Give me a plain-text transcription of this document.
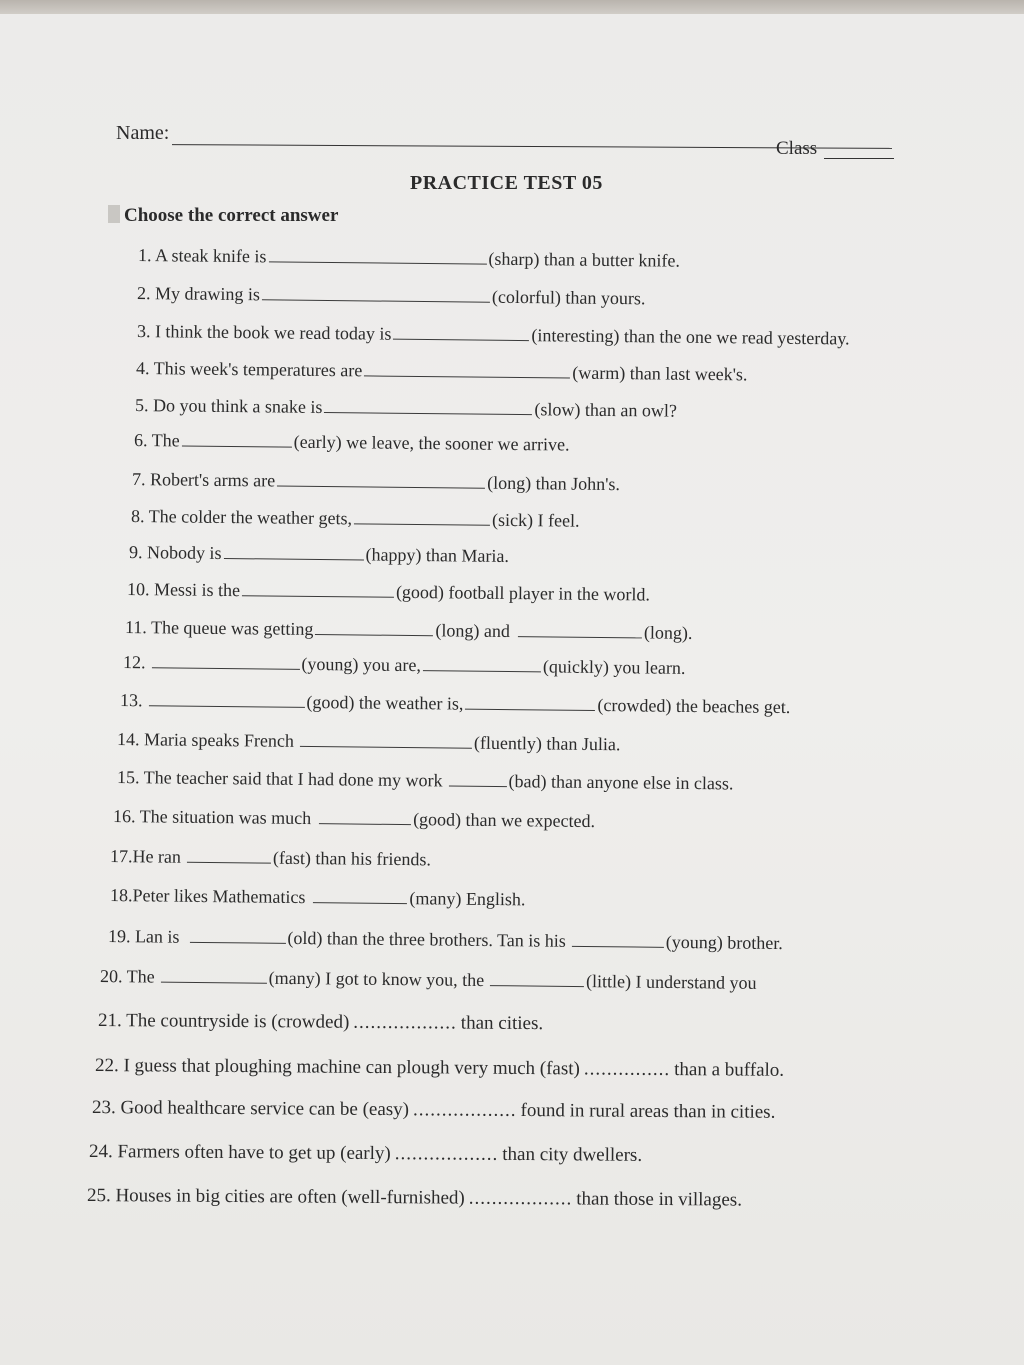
Name:
Class
PRACTICE TEST 05
Choose the correct answer
1. A steak knife is	(sharp) than a butter knife.
2. My drawing is	(colorful) than yours.
3. I think the book we read today is	(interesting) than the one we read yesterday.
4. This week's temperatures are	(warm) than last week's.
5. Do you think a snake is	(slow) than an owl?
6. The	(early) we leave, the sooner we arrive.
7. Robert's arms are	(long) than John's.
8. The colder the weather gets,	(sick) I feel.
9. Nobody is	(happy) than Maria.
10. Messi is the	(good) football player in the world.
11. The queue was getting	(long) and	(long).
12.	(young) you are,	(quickly) you learn.
13.	(good) the weather is,	(crowded) the beaches get.
14. Maria speaks French	(fluently) than Julia.
15. The teacher said that I had done my work	(bad) than anyone else in class.
16. The situation was much	(good) than we expected.
17.He ran	(fast) than his friends.
18.Peter likes Mathematics	(many) English.
19. Lan is	(old) than the three brothers. Tan is his	(young) brother.
20. The	(many) I got to know you, the	(little) I understand you
21. The countryside is (crowded) .................. than cities.
22. I guess that ploughing machine can plough very much (fast) ............... than a buffalo.
23. Good healthcare service can be (easy) .................. found in rural areas than in cities.
24. Farmers often have to get up (early) .................. than city dwellers.
25. Houses in big cities are often (well-furnished) .................. than those in villages.
